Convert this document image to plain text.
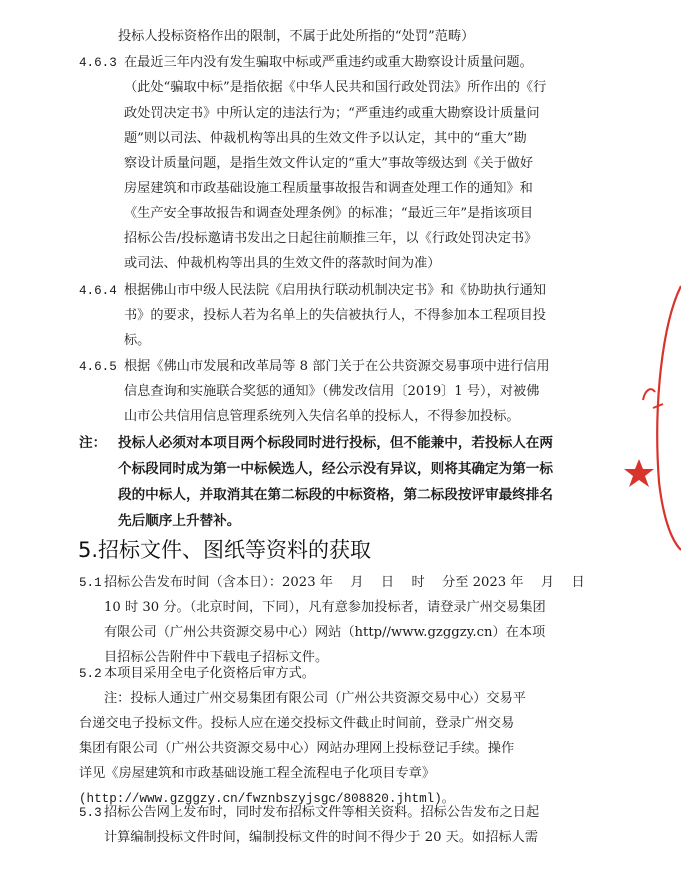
投标人投标资格作出的限制，不属于此处所指的“处罚”范畴）
4.6.3 在最近三年内没有发生骗取中标或严重违约或重大勘察设计质量问题。
（此处“骗取中标”是指依据《中华人民共和国行政处罚法》所作出的《行
政处罚决定书》中所认定的违法行为；“严重违约或重大勘察设计质量问
题”则以司法、仲裁机构等出具的生效文件予以认定，其中的“重大”勘
察设计质量问题，是指生效文件认定的“重大”事故等级达到《关于做好
房屋建筑和市政基础设施工程质量事故报告和调查处理工作的通知》和
《生产安全事故报告和调查处理条例》的标准；“最近三年”是指该项目
招标公告/投标邀请书发出之日起往前顺推三年，以《行政处罚决定书》
或司法、仲裁机构等出具的生效文件的落款时间为准）
4.6.4 根据佛山市中级人民法院《启用执行联动机制决定书》和《协助执行通知
书》的要求，投标人若为名单上的失信被执行人，不得参加本工程项目投
标。
4.6.5 根据《佛山市发展和改革局等 8 部门关于在公共资源交易事项中进行信用
信息查询和实施联合奖惩的通知》（佛发改信用〔2019〕1 号），对被佛
山市公共信用信息管理系统列入失信名单的投标人，不得参加投标。
注： 投标人必须对本项目两个标段同时进行投标，但不能兼中，若投标人在两
个标段同时成为第一中标候选人，经公示没有异议，则将其确定为第一标
段的中标人，并取消其在第二标段的中标资格，第二标段按评审最终排名
先后顺序上升替补。
5.招标文件、图纸等资料的获取
5.1 招标公告发布时间（含本日）：2023 年　 月　 日　 时　 分至 2023 年　 月　 日
10 时 30 分。（北京时间，下同），凡有意参加投标者，请登录广州交易集团
有限公司（广州公共资源交易中心）网站（http//www.gzggzy.cn）在本项
目招标公告附件中下载电子招标文件。
5.2 本项目采用全电子化资格后审方式。
注：投标人通过广州交易集团有限公司（广州公共资源交易中心）交易平
台递交电子投标文件。投标人应在递交投标文件截止时间前，登录广州交易
集团有限公司（广州公共资源交易中心）网站办理网上投标登记手续。操作
详见《房屋建筑和市政基础设施工程全流程电子化项目专章》
(http://www.gzggzy.cn/fwznbszyjsgc/808820.jhtml)。
5.3 招标公告网上发布时，同时发布招标文件等相关资料。招标公告发布之日起
计算编制投标文件时间，编制投标文件的时间不得少于 20 天。如招标人需
